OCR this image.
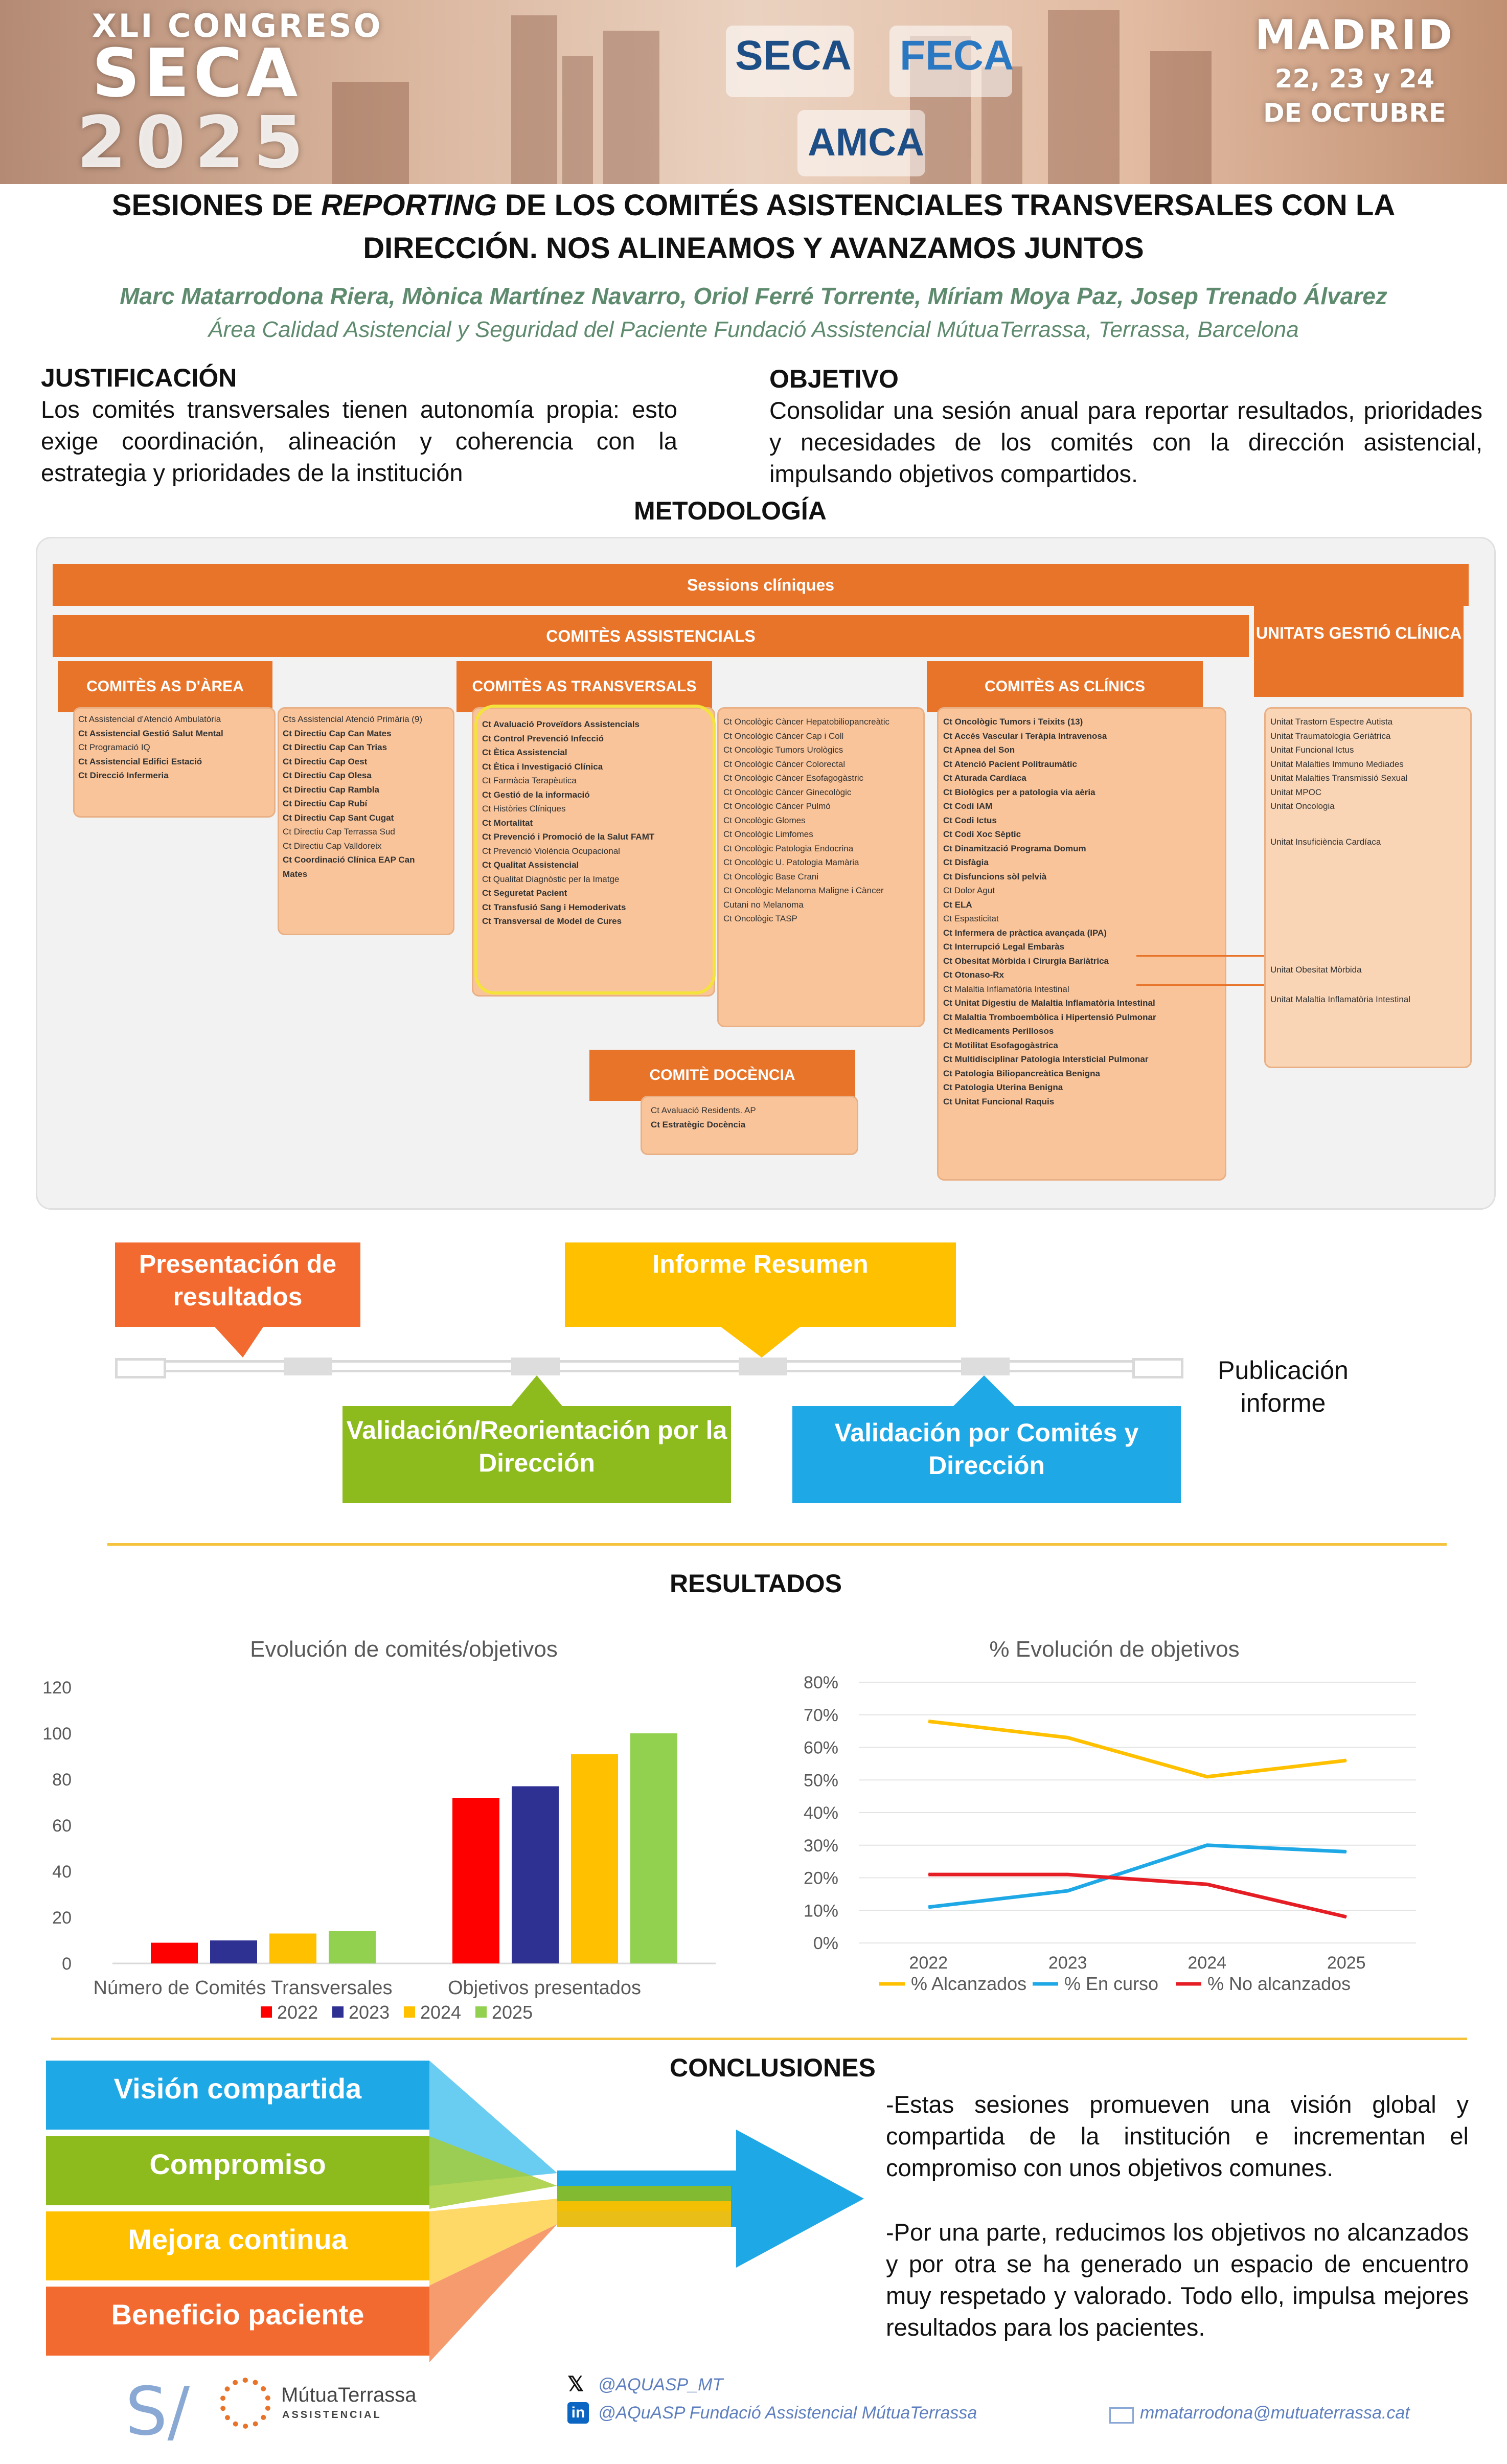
XLI CONGRESO
SECA
2025
SECA FECA
AMCA
MADRID
22, 23 y 24
DE OCTUBRE
SESIONES DE REPORTING DE LOS COMITÉS ASISTENCIALES TRANSVERSALES CON LA
DIRECCIÓN. NOS ALINEAMOS Y AVANZAMOS JUNTOS
Marc Matarrodona Riera, Mònica Martínez Navarro, Oriol Ferré Torrente, Míriam Moya Paz, Josep Trenado Álvarez
Área Calidad Asistencial y Seguridad del Paciente Fundació Assistencial MútuaTerrassa, Terrassa, Barcelona
JUSTIFICACIÓN
Los comités transversales tienen autonomía propia: esto exige coordinación, alineación y coherencia con la estrategia y prioridades de la institución
OBJETIVO
Consolidar una sesión anual para reportar resultados, prioridades y necesidades de los comités con la dirección asistencial, impulsando objetivos compartidos.
METODOLOGÍA
Sessions clíniques
COMITÈS ASSISTENCIALS	UNITATS GESTIÓ CLÍNICA
COMITÈS AS D'ÀREA	COMITÈS AS TRANSVERSALS	COMITÈS AS CLÍNICS
Ct Assistencial d'Atenció Ambulatòria
Ct Assistencial Gestió Salut Mental
Ct Programació IQ
Ct Assistencial Edifici Estació
Ct Direcció Infermeria
Cts Assistencial Atenció Primària (9)
Ct Directiu Cap Can Mates
Ct Directiu Cap Can Trias
Ct Directiu Cap Oest
Ct Directiu Cap Olesa
Ct Directiu Cap Rambla
Ct Directiu Cap Rubí
Ct Directiu Cap Sant Cugat
Ct Directiu Cap Terrassa Sud
Ct Directiu Cap Valldoreix
Ct Coordinació Clínica EAP Can
Mates
Ct Avaluació Proveïdors Assistencials
Ct Control Prevenció Infecció
Ct Ètica Assistencial
Ct Ètica i Investigació Clínica
Ct Farmàcia Terapèutica
Ct Gestió de la informació
Ct Històries Clíniques
Ct Mortalitat
Ct Prevenció i Promoció de la Salut FAMT
Ct Prevenció Violència Ocupacional
Ct Qualitat Assistencial
Ct Qualitat Diagnòstic per la Imatge
Ct Seguretat Pacient
Ct Transfusió Sang i Hemoderivats
Ct Transversal de Model de Cures
Ct Oncològic Càncer Hepatobiliopancreàtic
Ct Oncològic Càncer Cap i Coll
Ct Oncològic Tumors Urològics
Ct Oncològic Càncer Colorectal
Ct Oncològic Càncer Esofagogàstric
Ct Oncològic Càncer Ginecològic
Ct Oncològic Càncer Pulmó
Ct Oncològic Glomes
Ct Oncològic Limfomes
Ct Oncològic Patologia Endocrina
Ct Oncològic U. Patologia Mamària
Ct Oncològic Base Crani
Ct Oncològic Melanoma Maligne i Càncer
Cutani no Melanoma
Ct Oncològic TASP
Ct Oncològic Tumors i Teixits (13)
Ct Accés Vascular i Teràpia Intravenosa
Ct Apnea del Son
Ct Atenció Pacient Politraumàtic
Ct Aturada Cardíaca
Ct Biològics per a patologia via aèria
Ct Codi IAM
Ct Codi Ictus
Ct Codi Xoc Sèptic
Ct Dinamització Programa Domum
Ct Disfàgia
Ct Disfuncions sòl pelvià
Ct Dolor Agut
Ct ELA
Ct Espasticitat
Ct Infermera de pràctica avançada (IPA)
Ct Interrupció Legal Embaràs
Ct Obesitat Mòrbida i Cirurgia Bariàtrica
Ct Otonaso-Rx
Ct Malaltia Inflamatòria Intestinal
Ct Unitat Digestiu de Malaltia Inflamatòria Intestinal
Ct Malaltia Tromboembòlica i Hipertensió Pulmonar
Ct Medicaments Perillosos
Ct Motilitat Esofagogàstrica
Ct Multidisciplinar Patologia Intersticial Pulmonar
Ct Patologia Biliopancreàtica Benigna
Ct Patologia Uterina Benigna
Ct Unitat Funcional Raquis
Unitat Trastorn Espectre Autista
Unitat Traumatologia Geriàtrica
Unitat Funcional Ictus
Unitat Malalties Immuno Mediades
Unitat Malalties Transmissió Sexual
Unitat MPOC
Unitat Oncologia
Unitat Insuficiència Cardíaca
Unitat Obesitat Mòrbida
Unitat Malaltia Inflamatòria Intestinal
COMITÈ DOCÈNCIA
Ct Avaluació Residents. AP
Ct Estratègic Docència
Presentación de resultados
Informe Resumen
Validación/Reorientación por la Dirección
Validación por Comités y Dirección
Publicación informe
RESULTADOS
Evolución de comités/objetivos
0
20
40
60
80
100
120
Número de Comités Transversales	Objetivos presentados
2022 2023 2024 2025
% Evolución de objetivos
0%
10%
20%
30%
40%
50%
60%
70%
80%
2022	2023	2024	2025
% Alcanzados % En curso	% No alcanzados
CONCLUSIONES
Visión compartida
Compromiso
Mejora continua
Beneficio paciente
-Estas sesiones promueven una visión global y compartida de la institución e incrementan el compromiso con unos objetivos comunes.
-Por una parte, reducimos los objetivos no alcanzados y por otra se ha generado un espacio de encuentro muy respetado y valorado. Todo ello, impulsa mejores resultados para los pacientes.
S/	MútuaTerrassa
ASSISTENCIAL
𝕏 @AQUASP_MT
in @AQuASP Fundació Assistencial MútuaTerrassa	mmatarrodona@mutuaterrassa.cat
